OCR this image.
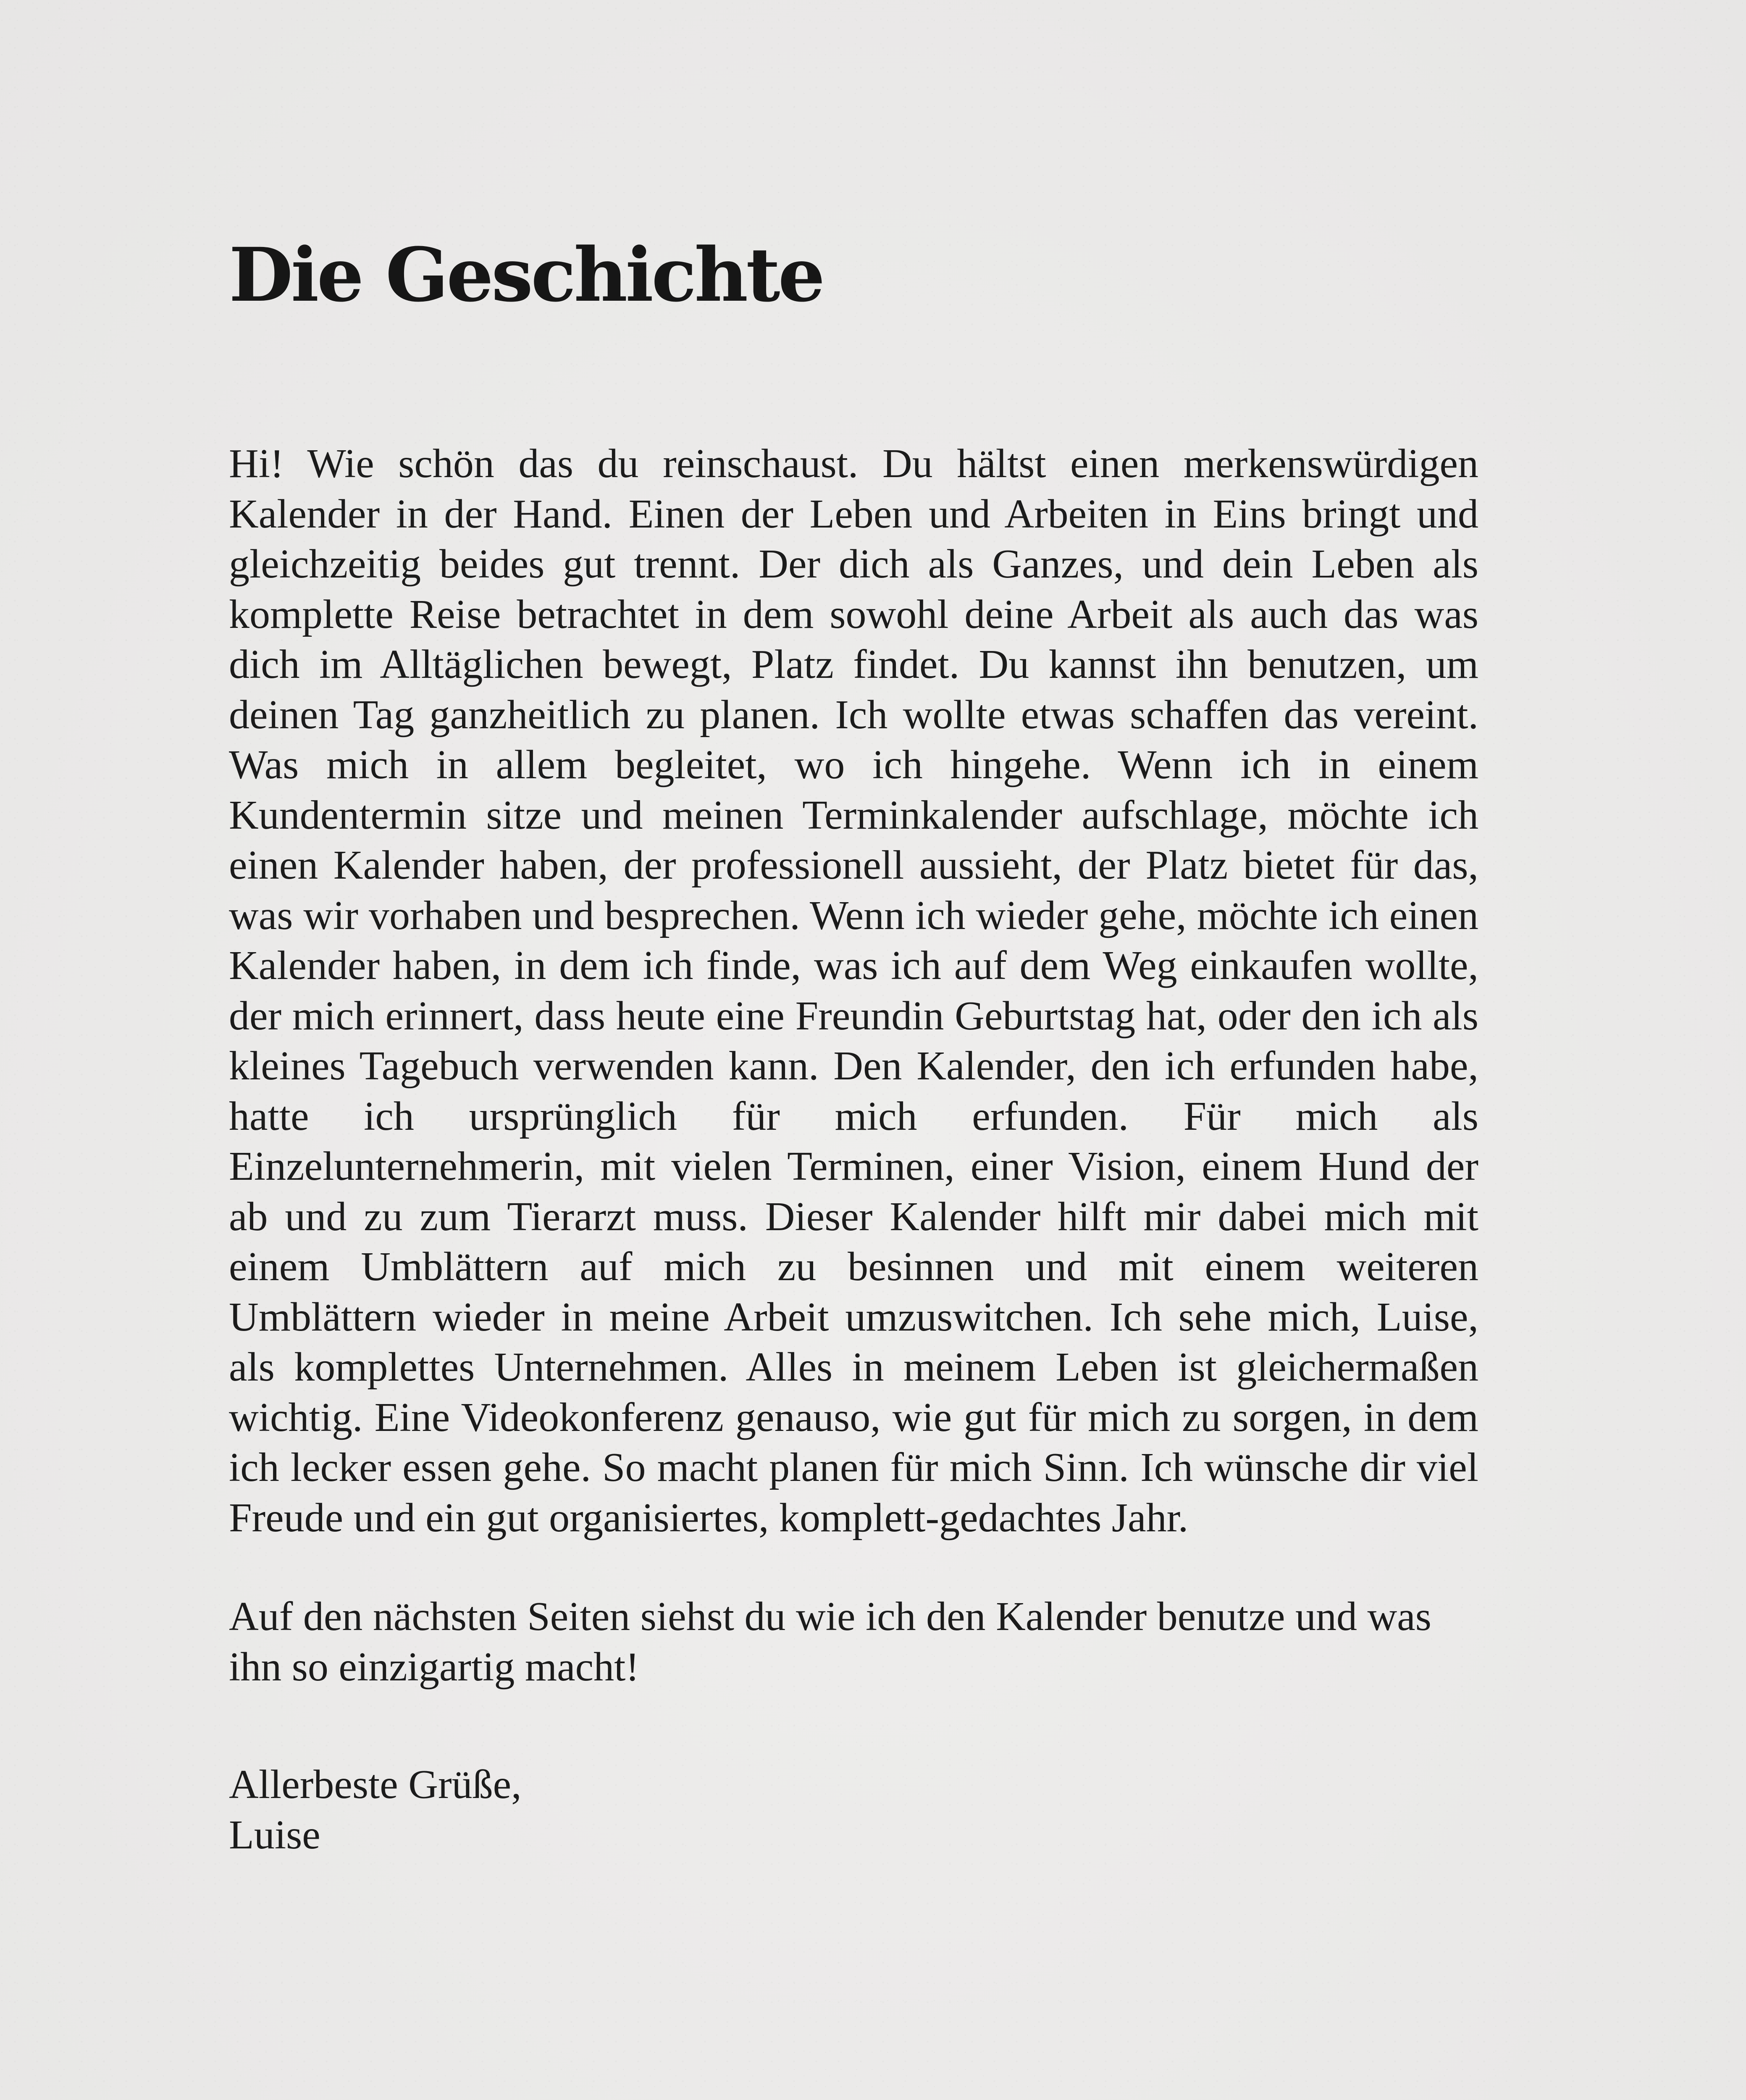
Die Geschichte

Hi! Wie schön das du reinschaust. Du hältst einen merkenswürdigen Kalender in der Hand. Einen der Leben und Arbeiten in Eins bringt und gleichzeitig beides gut trennt. Der dich als Ganzes, und dein Leben als komplette Reise betrachtet in dem sowohl deine Arbeit als auch das was dich im Alltäglichen bewegt, Platz findet. Du kannst ihn benutzen, um deinen Tag ganzheitlich zu planen. Ich wollte etwas schaffen das vereint. Was mich in allem begleitet, wo ich hingehe. Wenn ich in einem Kundentermin sitze und meinen Terminkalender aufschlage, möchte ich einen Kalender haben, der professionell aussieht, der Platz bietet für das, was wir vorhaben und besprechen. Wenn ich wieder gehe, möchte ich einen Kalender haben, in dem ich finde, was ich auf dem Weg einkaufen wollte, der mich erinnert, dass heute eine Freundin Geburtstag hat, oder den ich als kleines Tagebuch verwenden kann. Den Kalender, den ich erfunden habe, hatte ich ursprünglich für mich erfunden. Für mich als Einzelunternehmerin, mit vielen Terminen, einer Vision, einem Hund der ab und zu zum Tierarzt muss. Dieser Kalender hilft mir dabei mich mit einem Umblättern auf mich zu besinnen und mit einem weiteren Umblättern wieder in meine Arbeit umzuswitchen. Ich sehe mich, Luise, als komplettes Unternehmen. Alles in meinem Leben ist gleichermaßen wichtig. Eine Videokonferenz genauso, wie gut für mich zu sorgen, in dem ich lecker essen gehe. So macht planen für mich Sinn. Ich wünsche dir viel Freude und ein gut organisiertes, komplett-gedachtes Jahr.

Auf den nächsten Seiten siehst du wie ich den Kalender benutze und was ihn so einzigartig macht!

Allerbeste Grüße,
Luise
